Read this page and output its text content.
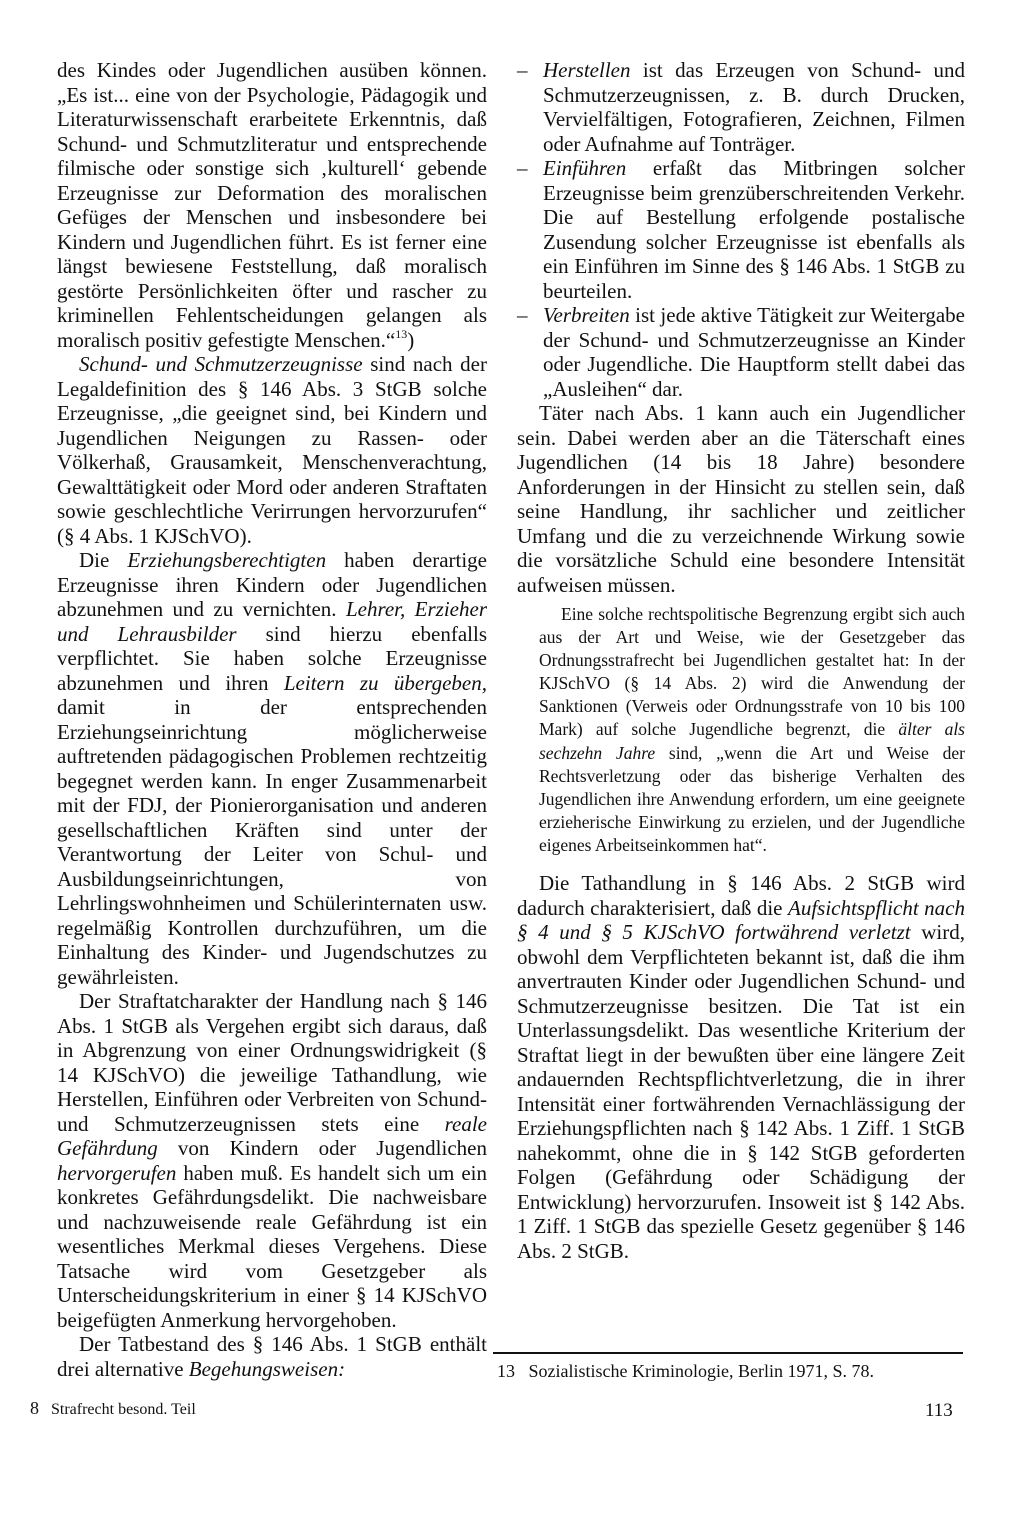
des Kindes oder Jugendlichen ausüben können. „Es ist... eine von der Psychologie, Pädagogik und Literaturwissenschaft erarbeitete Erkenntnis, daß Schund- und Schmutzliteratur und entsprechende filmische oder sonstige sich ‚kulturell‘ gebende Erzeugnisse zur Deformation des moralischen Gefüges der Menschen und insbesondere bei Kindern und Jugendlichen führt. Es ist ferner eine längst bewiesene Feststellung, daß moralisch gestörte Persönlichkeiten öfter und rascher zu kriminellen Fehlentscheidungen gelangen als moralisch positiv gefestigte Menschen.“$^{13}$)

Schund- und Schmutzerzeugnisse sind nach der Legaldefinition des § 146 Abs. 3 StGB solche Erzeugnisse, „die geeignet sind, bei Kindern und Jugendlichen Neigungen zu Rassen- oder Völkerhaß, Grausamkeit, Menschenverachtung, Gewalttätigkeit oder Mord oder anderen Straftaten sowie geschlechtliche Verirrungen hervorzurufen“ (§ 4 Abs. 1 KJSchVO).

Die Erziehungsberechtigten haben derartige Erzeugnisse ihren Kindern oder Jugendlichen abzunehmen und zu vernichten. Lehrer, Erzieher und Lehrausbilder sind hierzu ebenfalls verpflichtet. Sie haben solche Erzeugnisse abzunehmen und ihren Leitern zu übergeben, damit in der entsprechenden Erziehungseinrichtung möglicherweise auftretenden pädagogischen Problemen rechtzeitig begegnet werden kann. In enger Zusammenarbeit mit der FDJ, der Pionierorganisation und anderen gesellschaftlichen Kräften sind unter der Verantwortung der Leiter von Schul- und Ausbildungseinrichtungen, von Lehrlingswohnheimen und Schülerinternaten usw. regelmäßig Kontrollen durchzuführen, um die Einhaltung des Kinder- und Jugendschutzes zu gewährleisten.

Der Straftatcharakter der Handlung nach § 146 Abs. 1 StGB als Vergehen ergibt sich daraus, daß in Abgrenzung von einer Ordnungswidrigkeit (§ 14 KJSchVO) die jeweilige Tathandlung, wie Herstellen, Einführen oder Verbreiten von Schund- und Schmutzerzeugnissen stets eine reale Gefährdung von Kindern oder Jugendlichen hervorgerufen haben muß. Es handelt sich um ein konkretes Gefährdungsdelikt. Die nachweisbare und nachzuweisende reale Gefährdung ist ein wesentliches Merkmal dieses Vergehens. Diese Tatsache wird vom Gesetzgeber als Unterscheidungskriterium in einer § 14 KJSchVO beigefügten Anmerkung hervorgehoben.

Der Tatbestand des § 146 Abs. 1 StGB enthält drei alternative Begehungsweisen:

– Herstellen ist das Erzeugen von Schund- und Schmutzerzeugnissen, z. B. durch Drucken, Vervielfältigen, Fotografieren, Zeichnen, Filmen oder Aufnahme auf Tonträger.

– Einführen erfaßt das Mitbringen solcher Erzeugnisse beim grenzüberschreitenden Verkehr. Die auf Bestellung erfolgende postalische Zusendung solcher Erzeugnisse ist ebenfalls als ein Einführen im Sinne des § 146 Abs. 1 StGB zu beurteilen.

– Verbreiten ist jede aktive Tätigkeit zur Weitergabe der Schund- und Schmutzerzeugnisse an Kinder oder Jugendliche. Die Hauptform stellt dabei das „Ausleihen“ dar.

Täter nach Abs. 1 kann auch ein Jugendlicher sein. Dabei werden aber an die Täterschaft eines Jugendlichen (14 bis 18 Jahre) besondere Anforderungen in der Hinsicht zu stellen sein, daß seine Handlung, ihr sachlicher und zeitlicher Umfang und die zu verzeichnende Wirkung sowie die vorsätzliche Schuld eine besondere Intensität aufweisen müssen.

Eine solche rechtspolitische Begrenzung ergibt sich auch aus der Art und Weise, wie der Gesetzgeber das Ordnungsstrafrecht bei Jugendlichen gestaltet hat: In der KJSchVO (§ 14 Abs. 2) wird die Anwendung der Sanktionen (Verweis oder Ordnungsstrafe von 10 bis 100 Mark) auf solche Jugendliche begrenzt, die älter als sechzehn Jahre sind, „wenn die Art und Weise der Rechtsverletzung oder das bisherige Verhalten des Jugendlichen ihre Anwendung erfordern, um eine geeignete erzieherische Einwirkung zu erzielen, und der Jugendliche eigenes Arbeitseinkommen hat“.

Die Tathandlung in § 146 Abs. 2 StGB wird dadurch charakterisiert, daß die Aufsichtspflicht nach § 4 und § 5 KJSchVO fortwährend verletzt wird, obwohl dem Verpflichteten bekannt ist, daß die ihm anvertrauten Kinder oder Jugendlichen Schund- und Schmutzerzeugnisse besitzen. Die Tat ist ein Unterlassungsdelikt. Das wesentliche Kriterium der Straftat liegt in der bewußten über eine längere Zeit andauernden Rechtspflichtverletzung, die in ihrer Intensität einer fortwährenden Vernachlässigung der Erziehungspflichten nach § 142 Abs. 1 Ziff. 1 StGB nahekommt, ohne die in § 142 StGB geforderten Folgen (Gefährdung oder Schädigung der Entwicklung) hervorzurufen. Insoweit ist § 142 Abs. 1 Ziff. 1 StGB das spezielle Gesetz gegenüber § 146 Abs. 2 StGB.

13 Sozialistische Kriminologie, Berlin 1971, S. 78.
8 Strafrecht besond. Teil	113
